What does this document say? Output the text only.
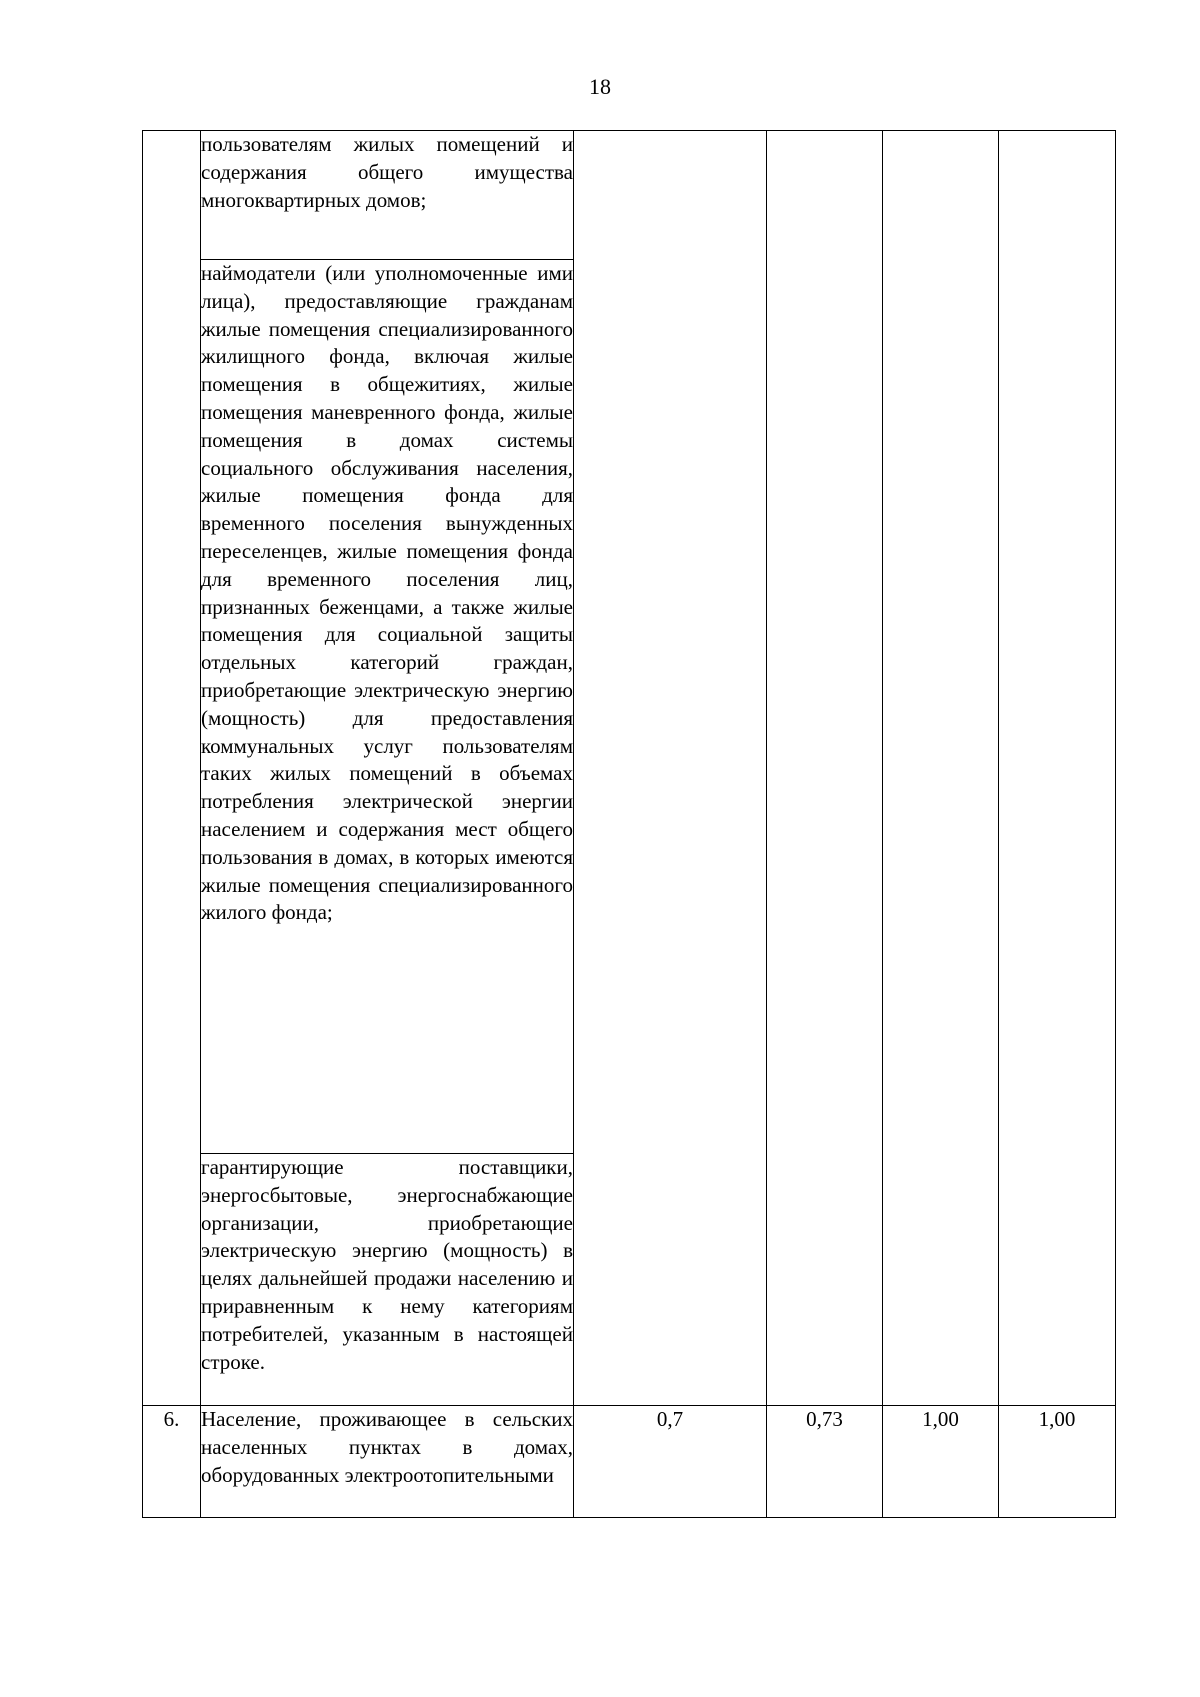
18

	пользователям жилых помещений и содержания общего имущества многоквартирных домов;				

	наймодатели (или уполномоченные ими лица), предоставляющие гражданам жилые помещения специализированного жилищного фонда, включая жилые помещения в общежитиях, жилые помещения маневренного фонда, жилые помещения в домах системы социального обслуживания населения, жилые помещения фонда для временного поселения вынужденных переселенцев, жилые помещения фонда для временного поселения лиц, признанных беженцами, а также жилые помещения для социальной защиты отдельных категорий граждан, приобретающие электрическую энергию (мощность) для предоставления коммунальных услуг пользователям таких жилых помещений в объемах потребления электрической энергии населением и содержания мест общего пользования в домах, в которых имеются жилые помещения специализированного жилого фонда;				

	гарантирующие поставщики, энергосбытовые, энергоснабжающие организации, приобретающие электрическую энергию (мощность) в целях дальнейшей продажи населению и приравненным к нему категориям потребителей, указанным в настоящей строке.				

6.	Население, проживающее в сельских населенных пунктах в домах, оборудованных электроотопительными	0,7	0,73	1,00	1,00
